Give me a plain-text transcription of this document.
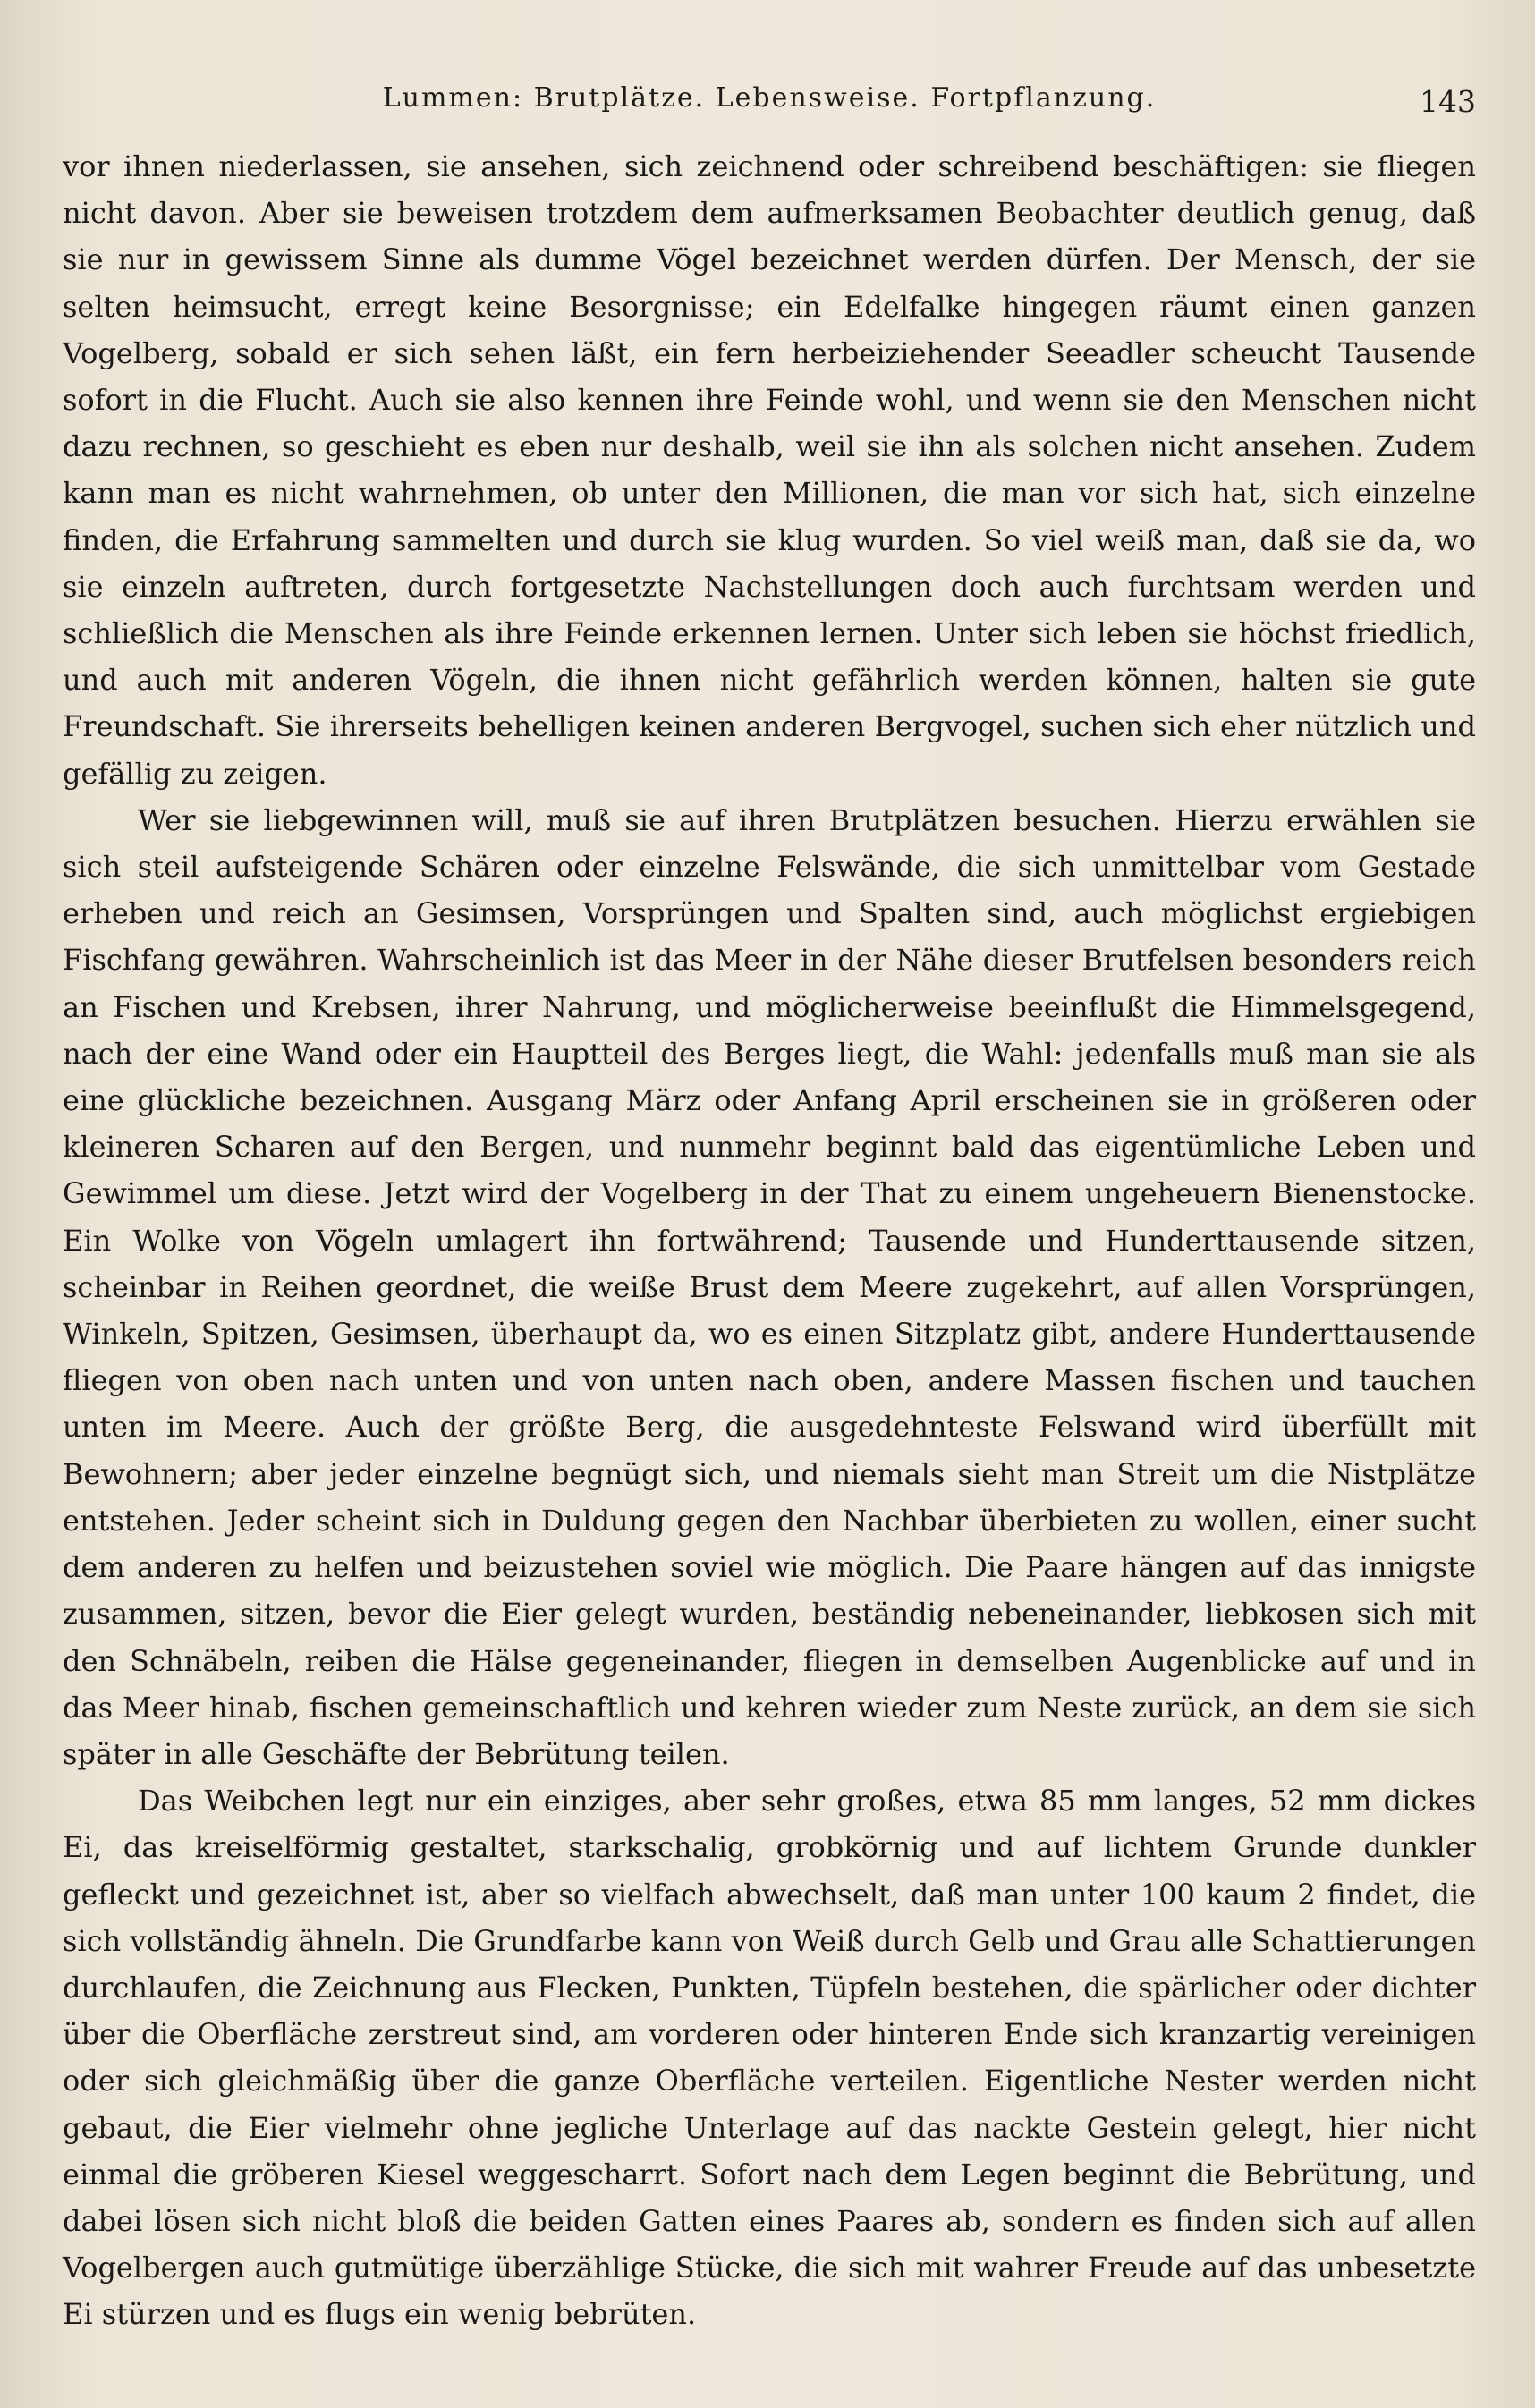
Lummen: Brutplätze. Lebensweise. Fortpflanzung.	143

vor ihnen niederlassen, sie ansehen, sich zeichnend oder schreibend beschäftigen: sie fliegen nicht davon. Aber sie beweisen trotzdem dem aufmerksamen Beobachter deutlich genug, daß sie nur in gewissem Sinne als dumme Vögel bezeichnet werden dürfen. Der Mensch, der sie selten heimsucht, erregt keine Besorgnisse; ein Edelfalke hingegen räumt einen ganzen Vogelberg, sobald er sich sehen läßt, ein fern herbeiziehender Seeadler scheucht Tausende sofort in die Flucht. Auch sie also kennen ihre Feinde wohl, und wenn sie den Menschen nicht dazu rechnen, so geschieht es eben nur deshalb, weil sie ihn als solchen nicht ansehen. Zudem kann man es nicht wahrnehmen, ob unter den Millionen, die man vor sich hat, sich einzelne finden, die Erfahrung sammelten und durch sie klug wurden. So viel weiß man, daß sie da, wo sie einzeln auftreten, durch fortgesetzte Nachstellungen doch auch furchtsam werden und schließlich die Menschen als ihre Feinde erkennen lernen. Unter sich leben sie höchst friedlich, und auch mit anderen Vögeln, die ihnen nicht gefährlich werden können, halten sie gute Freundschaft. Sie ihrerseits behelligen keinen anderen Bergvogel, suchen sich eher nützlich und gefällig zu zeigen.

Wer sie liebgewinnen will, muß sie auf ihren Brutplätzen besuchen. Hierzu erwählen sie sich steil aufsteigende Schären oder einzelne Felswände, die sich unmittelbar vom Gestade erheben und reich an Gesimsen, Vorsprüngen und Spalten sind, auch möglichst ergiebigen Fischfang gewähren. Wahrscheinlich ist das Meer in der Nähe dieser Brutfelsen besonders reich an Fischen und Krebsen, ihrer Nahrung, und möglicherweise beeinflußt die Himmelsgegend, nach der eine Wand oder ein Hauptteil des Berges liegt, die Wahl: jedenfalls muß man sie als eine glückliche bezeichnen. Ausgang März oder Anfang April erscheinen sie in größeren oder kleineren Scharen auf den Bergen, und nunmehr beginnt bald das eigentümliche Leben und Gewimmel um diese. Jetzt wird der Vogelberg in der That zu einem ungeheuern Bienenstocke. Ein Wolke von Vögeln umlagert ihn fortwährend; Tausende und Hunderttausende sitzen, scheinbar in Reihen geordnet, die weiße Brust dem Meere zugekehrt, auf allen Vorsprüngen, Winkeln, Spitzen, Gesimsen, überhaupt da, wo es einen Sitzplatz gibt, andere Hunderttausende fliegen von oben nach unten und von unten nach oben, andere Massen fischen und tauchen unten im Meere. Auch der größte Berg, die ausgedehnteste Felswand wird überfüllt mit Bewohnern; aber jeder einzelne begnügt sich, und niemals sieht man Streit um die Nistplätze entstehen. Jeder scheint sich in Duldung gegen den Nachbar überbieten zu wollen, einer sucht dem anderen zu helfen und beizustehen soviel wie möglich. Die Paare hängen auf das innigste zusammen, sitzen, bevor die Eier gelegt wurden, beständig nebeneinander, liebkosen sich mit den Schnäbeln, reiben die Hälse gegeneinander, fliegen in demselben Augenblicke auf und in das Meer hinab, fischen gemeinschaftlich und kehren wieder zum Neste zurück, an dem sie sich später in alle Geschäfte der Bebrütung teilen.

Das Weibchen legt nur ein einziges, aber sehr großes, etwa 85 mm langes, 52 mm dickes Ei, das kreiselförmig gestaltet, starkschalig, grobkörnig und auf lichtem Grunde dunkler gefleckt und gezeichnet ist, aber so vielfach abwechselt, daß man unter 100 kaum 2 findet, die sich vollständig ähneln. Die Grundfarbe kann von Weiß durch Gelb und Grau alle Schattierungen durchlaufen, die Zeichnung aus Flecken, Punkten, Tüpfeln bestehen, die spärlicher oder dichter über die Oberfläche zerstreut sind, am vorderen oder hinteren Ende sich kranzartig vereinigen oder sich gleichmäßig über die ganze Oberfläche verteilen. Eigentliche Nester werden nicht gebaut, die Eier vielmehr ohne jegliche Unterlage auf das nackte Gestein gelegt, hier nicht einmal die gröberen Kiesel weggescharrt. Sofort nach dem Legen beginnt die Bebrütung, und dabei lösen sich nicht bloß die beiden Gatten eines Paares ab, sondern es finden sich auf allen Vogelbergen auch gutmütige überzählige Stücke, die sich mit wahrer Freude auf das unbesetzte Ei stürzen und es flugs ein wenig bebrüten.
